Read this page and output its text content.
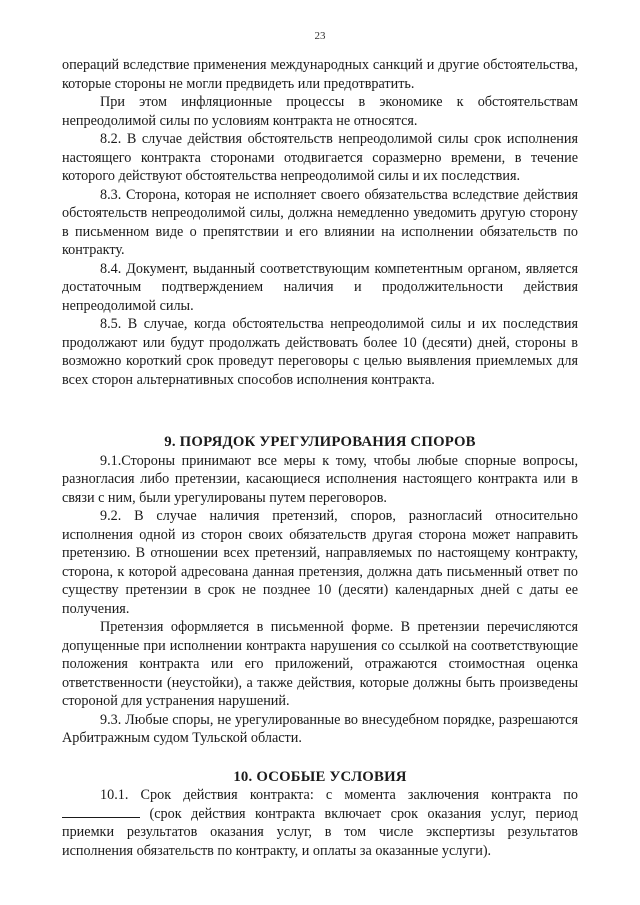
23

операций вследствие применения международных санкций и другие обстоятельства, которые стороны не могли предвидеть или предотвратить.

При этом инфляционные процессы в экономике к обстоятельствам непреодолимой силы по условиям контракта не относятся.

8.2. В случае действия обстоятельств непреодолимой силы срок исполнения настоящего контракта сторонами отодвигается соразмерно времени, в течение которого действуют обстоятельства непреодолимой силы и их последствия.

8.3. Сторона, которая не исполняет своего обязательства вследствие действия обстоятельств непреодолимой силы, должна немедленно уведомить другую сторону в письменном виде о препятствии и его влиянии на исполнении обязательств по контракту.

8.4. Документ, выданный соответствующим компетентным органом, является достаточным подтверждением наличия и продолжительности действия непреодолимой силы.

8.5. В случае, когда обстоятельства непреодолимой силы и их последствия продолжают или будут продолжать действовать более 10 (десяти) дней, стороны в возможно короткий срок проведут переговоры с целью выявления приемлемых для всех сторон альтернативных способов исполнения контракта.

9. ПОРЯДОК УРЕГУЛИРОВАНИЯ СПОРОВ

9.1.Стороны принимают все меры к тому, чтобы любые спорные вопросы, разногласия либо претензии, касающиеся исполнения настоящего контракта или в связи с ним, были урегулированы путем переговоров.

9.2. В случае наличия претензий, споров, разногласий относительно исполнения одной из сторон своих обязательств другая сторона может направить претензию. В отношении всех претензий, направляемых по настоящему контракту, сторона, к которой адресована данная претензия, должна дать письменный ответ по существу претензии в срок не позднее 10 (десяти) календарных дней с даты ее получения.

Претензия оформляется в письменной форме. В претензии перечисляются допущенные при исполнении контракта нарушения со ссылкой на соответствующие положения контракта или его приложений, отражаются стоимостная оценка ответственности (неустойки), а также действия, которые должны быть произведены стороной для устранения нарушений.

9.3. Любые споры, не урегулированные во внесудебном порядке, разрешаются Арбитражным судом Тульской области.

10. ОСОБЫЕ УСЛОВИЯ

10.1. Срок действия контракта: с момента заключения контракта по  (срок действия контракта включает срок оказания услуг, период приемки результатов оказания услуг, в том числе экспертизы результатов исполнения обязательств по контракту, и оплаты за оказанные услуги).
